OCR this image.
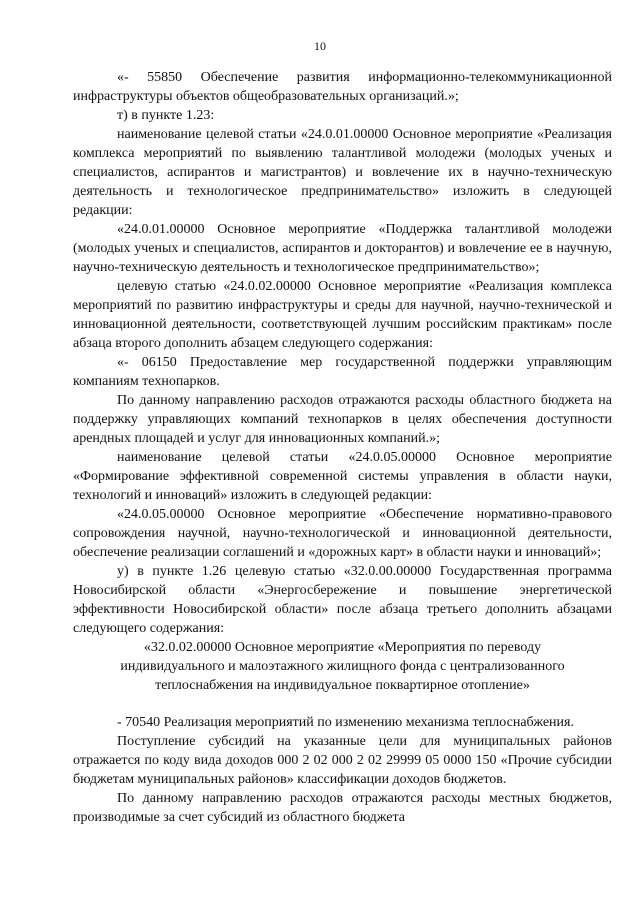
10

«- 55850 Обеспечение развития информационно-телекоммуникационной инфраструктуры объектов общеобразовательных организаций.»;

т) в пункте 1.23:

наименование целевой статьи «24.0.01.00000 Основное мероприятие «Реализация комплекса мероприятий по выявлению талантливой молодежи (молодых ученых и специалистов, аспирантов и магистрантов) и вовлечение их в научно-техническую деятельность и технологическое предпринимательство» изложить в следующей редакции:

«24.0.01.00000 Основное мероприятие «Поддержка талантливой молодежи (молодых ученых и специалистов, аспирантов и докторантов) и вовлечение ее в научную, научно-техническую деятельность и технологическое предпринимательство»;

целевую статью «24.0.02.00000 Основное мероприятие «Реализация комплекса мероприятий по развитию инфраструктуры и среды для научной, научно-технической и инновационной деятельности, соответствующей лучшим российским практикам» после абзаца второго дополнить абзацем следующего содержания:

«- 06150 Предоставление мер государственной поддержки управляющим компаниям технопарков.

По данному направлению расходов отражаются расходы областного бюджета на поддержку управляющих компаний технопарков в целях обеспечения доступности арендных площадей и услуг для инновационных компаний.»;

наименование целевой статьи «24.0.05.00000 Основное мероприятие «Формирование эффективной современной системы управления в области науки, технологий и инноваций» изложить в следующей редакции:

«24.0.05.00000 Основное мероприятие «Обеспечение нормативно-правового сопровождения научной, научно-технологической и инновационной деятельности, обеспечение реализации соглашений и «дорожных карт» в области науки и инноваций»;

у) в пункте 1.26 целевую статью «32.0.00.00000 Государственная программа Новосибирской области «Энергосбережение и повышение энергетической эффективности Новосибирской области» после абзаца третьего дополнить абзацами следующего содержания:

«32.0.02.00000 Основное мероприятие «Мероприятия по переводу индивидуального и малоэтажного жилищного фонда с централизованного теплоснабжения на индивидуальное поквартирное отопление»

- 70540 Реализация мероприятий по изменению механизма теплоснабжения.

Поступление субсидий на указанные цели для муниципальных районов отражается по коду вида доходов 000 2 02 000 2 02 29999 05 0000 150 «Прочие субсидии бюджетам муниципальных районов» классификации доходов бюджетов.

По данному направлению расходов отражаются расходы местных бюджетов, производимые за счет субсидий из областного бюджета
